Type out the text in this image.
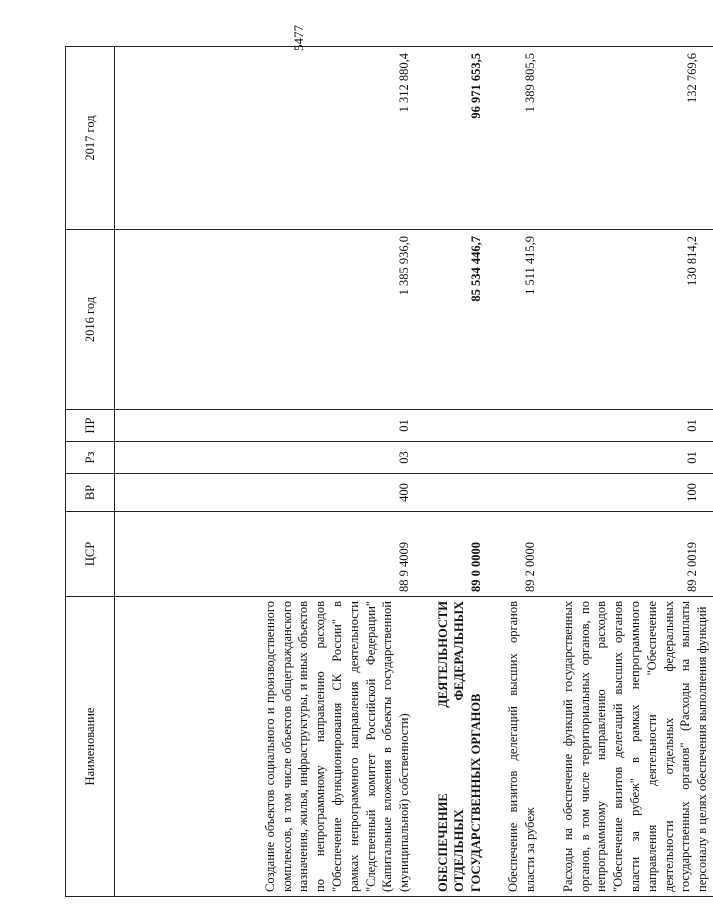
5477
Наименование	ЦСР	ВР	Рз	ПР	2016 год	2017 год
Создание объектов социального и производственного комплексов, в том числе объектов общегражданского назначения, жилья, инфраструктуры, и иных объектов по непрограммному направлению расходов "Обеспечение функционирования СК России" в рамках непрограммного направления деятельности "Следственный комитет Российской Федерации" (Капитальные вложения в объекты государственной (муниципальной) собственности)	88 9 4009	400	03	01	1 385 936,0	1 312 880,4
ОБЕСПЕЧЕНИЕ ДЕЯТЕЛЬНОСТИ ОТДЕЛЬНЫХ ФЕДЕРАЛЬНЫХ ГОСУДАРСТВЕННЫХ ОРГАНОВ	89 0 0000				85 534 446,7	96 971 653,5
Обеспечение визитов делегаций высших органов власти за рубеж	89 2 0000				1 511 415,9	1 389 805,5
Расходы на обеспечение функций государственных органов, в том числе территориальных органов, по непрограммному направлению расходов "Обеспечение визитов делегаций высших органов власти за рубеж" в рамках непрограммного направления деятельности "Обеспечение деятельности отдельных федеральных государственных органов" (Расходы на выплаты персоналу в целях обеспечения выполнения функций	89 2 0019	100	01	01	130 814,2	132 769,6
